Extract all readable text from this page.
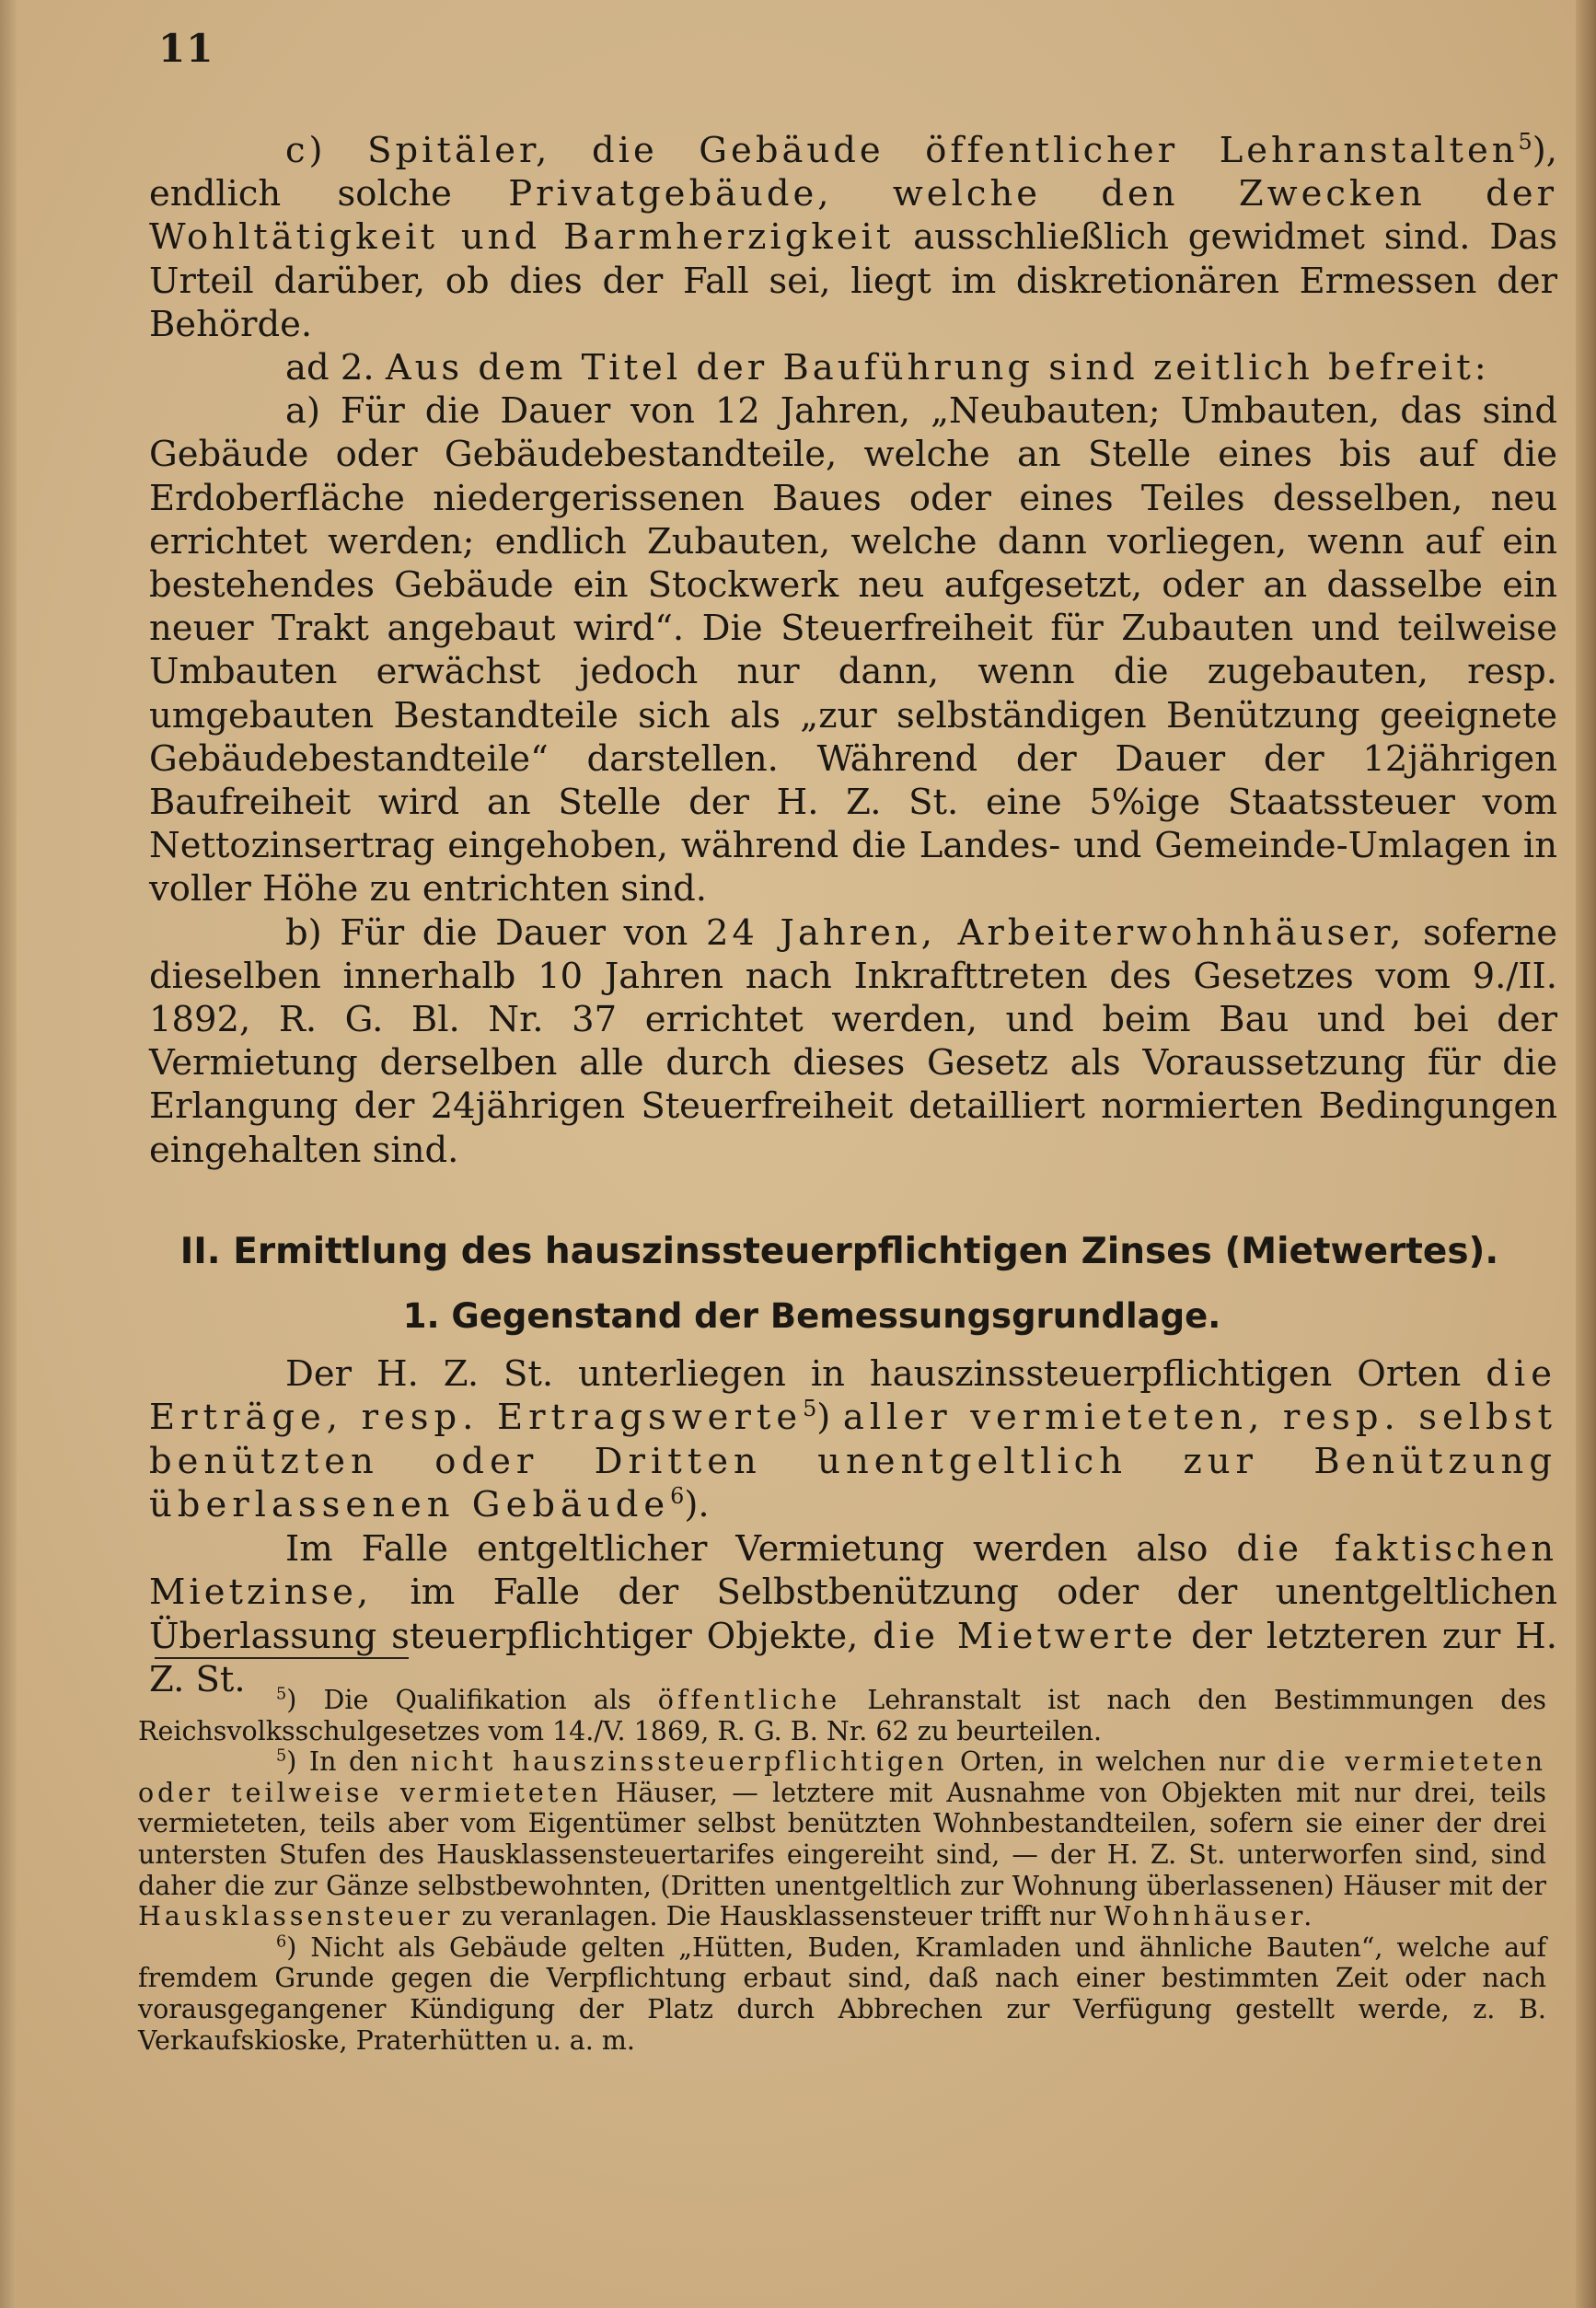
11

c) Spitäler, die Gebäude öffentlicher Lehranstalten$^5$), endlich solche Privatgebäude, welche den Zwecken der Wohltätigkeit und Barmherzigkeit ausschließlich gewidmet sind. Das Urteil darüber, ob dies der Fall sei, liegt im diskretionären Ermessen der Behörde.

ad 2. Aus dem Titel der Bauführung sind zeitlich befreit:

a) Für die Dauer von 12 Jahren, „Neubauten; Umbauten, das sind Gebäude oder Gebäudebestandteile, welche an Stelle eines bis auf die Erdoberfläche niedergerissenen Baues oder eines Teiles desselben, neu errichtet werden; endlich Zubauten, welche dann vorliegen, wenn auf ein bestehendes Gebäude ein Stockwerk neu aufgesetzt, oder an dasselbe ein neuer Trakt angebaut wird“. Die Steuerfreiheit für Zubauten und teilweise Umbauten erwächst jedoch nur dann, wenn die zugebauten, resp. umgebauten Bestandteile sich als „zur selbständigen Benützung geeignete Gebäudebestandteile“ darstellen. Während der Dauer der 12jährigen Baufreiheit wird an Stelle der H. Z. St. eine 5%ige Staatssteuer vom Nettozinsertrag eingehoben, während die Landes- und Gemeinde-Umlagen in voller Höhe zu entrichten sind.

b) Für die Dauer von 24 Jahren, Arbeiterwohnhäuser, soferne dieselben innerhalb 10 Jahren nach Inkrafttreten des Gesetzes vom 9./II. 1892, R. G. Bl. Nr. 37 errichtet werden, und beim Bau und bei der Vermietung derselben alle durch dieses Gesetz als Voraussetzung für die Erlangung der 24jährigen Steuerfreiheit detailliert normierten Bedingungen eingehalten sind.

II. Ermittlung des hauszinssteuerpflichtigen Zinses (Mietwertes).
1. Gegenstand der Bemessungsgrundlage.

Der H. Z. St. unterliegen in hauszinssteuerpflichtigen Orten die Erträge, resp. Ertragswerte$^5$) aller vermieteten, resp. selbst benützten oder Dritten unentgeltlich zur Benützung überlassenen Gebäude$^6$).

Im Falle entgeltlicher Vermietung werden also die faktischen Mietzinse, im Falle der Selbstbenützung oder der unentgeltlichen Überlassung steuerpflichtiger Objekte, die Mietwerte der letzteren zur H. Z. St.	$^5$) Die Qualifikation als öffentliche Lehranstalt ist nach den Bestimmungen des Reichsvolksschulgesetzes vom 14./V. 1869, R. G. B. Nr. 62 zu beurteilen.

$^5$) In den nicht hauszinssteuerpflichtigen Orten, in welchen nur die vermieteten oder teilweise vermieteten Häuser, — letztere mit Ausnahme von Objekten mit nur drei, teils vermieteten, teils aber vom Eigentümer selbst benützten Wohnbestandteilen, sofern sie einer der drei untersten Stufen des Hausklassensteuertarifes eingereiht sind, — der H. Z. St. unterworfen sind, sind daher die zur Gänze selbstbewohnten, (Dritten unentgeltlich zur Wohnung überlassenen) Häuser mit der Hausklassensteuer zu veranlagen. Die Hausklassensteuer trifft nur Wohnhäuser.

$^6$) Nicht als Gebäude gelten „Hütten, Buden, Kramladen und ähnliche Bauten“, welche auf fremdem Grunde gegen die Verpflichtung erbaut sind, daß nach einer bestimmten Zeit oder nach vorausgegangener Kündigung der Platz durch Abbrechen zur Verfügung gestellt werde, z. B. Verkaufskioske, Praterhütten u. a. m.
